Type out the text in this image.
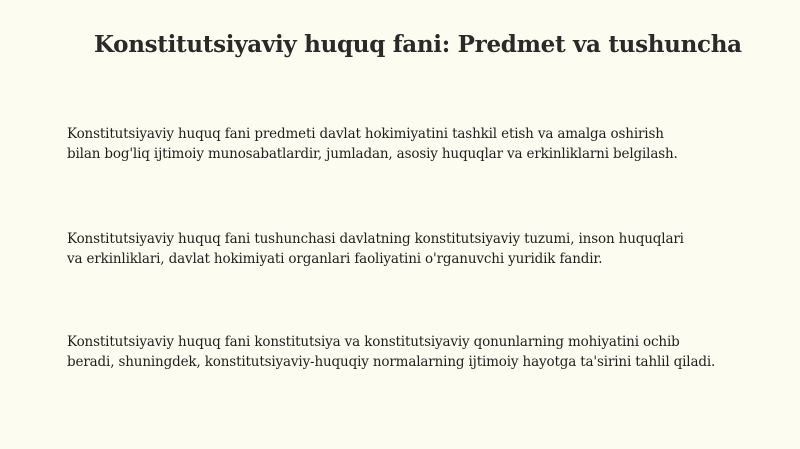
Konstitutsiyaviy huquq fani: Predmet va tushuncha

Konstitutsiyaviy huquq fani predmeti davlat hokimiyatini tashkil etish va amalga oshirish
bilan bog'liq ijtimoiy munosabatlardir, jumladan, asosiy huquqlar va erkinliklarni belgilash.

Konstitutsiyaviy huquq fani tushunchasi davlatning konstitutsiyaviy tuzumi, inson huquqlari
va erkinliklari, davlat hokimiyati organlari faoliyatini o'rganuvchi yuridik fandir.

Konstitutsiyaviy huquq fani konstitutsiya va konstitutsiyaviy qonunlarning mohiyatini ochib
beradi, shuningdek, konstitutsiyaviy-huquqiy normalarning ijtimoiy hayotga ta'sirini tahlil qiladi.
